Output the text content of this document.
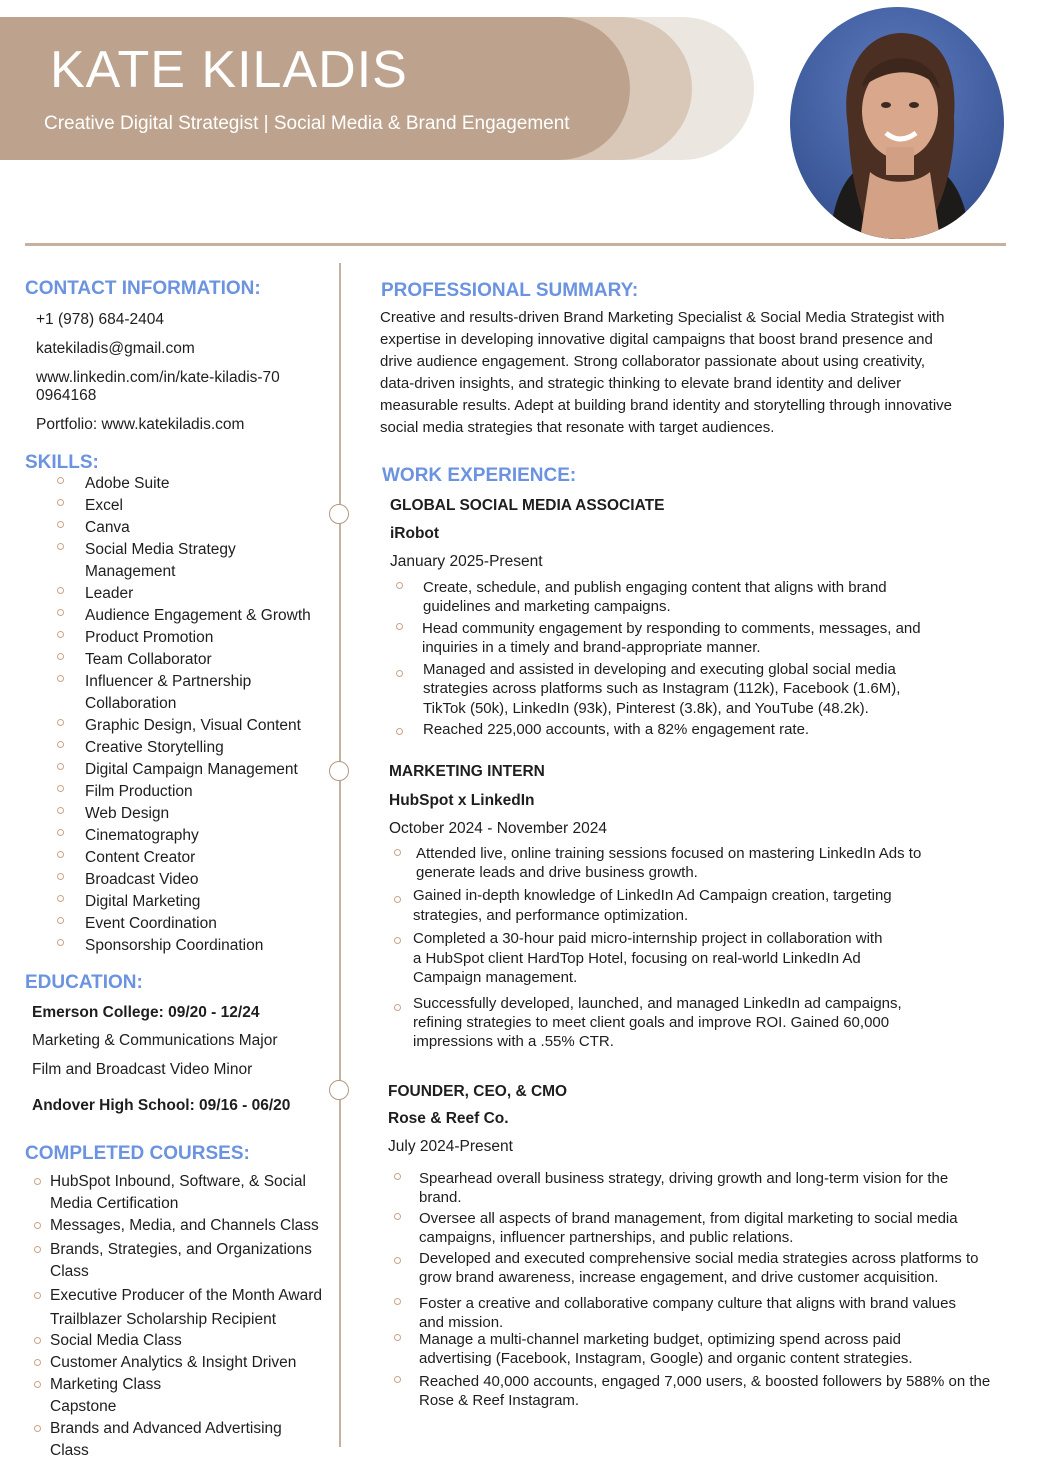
KATE KILADIS
Creative Digital Strategist | Social Media & Brand Engagement
CONTACT INFORMATION:
+1 (978) 684-2404
katekiladis@gmail.com
www.linkedin.com/in/kate-kiladis-70
0964168
Portfolio: www.katekiladis.com
SKILLS:
Adobe Suite
Excel
Canva
Social Media Strategy
Management
Leader
Audience Engagement & Growth
Product Promotion
Team Collaborator
Influencer & Partnership
Collaboration
Graphic Design, Visual Content
Creative Storytelling
Digital Campaign Management
Film Production
Web Design
Cinematography
Content Creator
Broadcast Video
Digital Marketing
Event Coordination
Sponsorship Coordination
EDUCATION:
Emerson College: 09/20 - 12/24
Marketing & Communications Major
Film and Broadcast Video Minor
Andover High School: 09/16 - 06/20
COMPLETED COURSES:
HubSpot Inbound, Software, & Social
Media Certification
Messages, Media, and Channels Class
Brands, Strategies, and Organizations
Class
Executive Producer of the Month Award
Trailblazer Scholarship Recipient
Social Media Class
Customer Analytics & Insight Driven
Marketing Class
Capstone
Brands and Advanced Advertising
Class
PROFESSIONAL SUMMARY:
Creative and results-driven Brand Marketing Specialist & Social Media Strategist with
expertise in developing innovative digital campaigns that boost brand presence and
drive audience engagement. Strong collaborator passionate about using creativity,
data-driven insights, and strategic thinking to elevate brand identity and deliver
measurable results. Adept at building brand identity and storytelling through innovative
social media strategies that resonate with target audiences.
WORK EXPERIENCE:
GLOBAL SOCIAL MEDIA ASSOCIATE
iRobot
January 2025-Present
Create, schedule, and publish engaging content that aligns with brand
guidelines and marketing campaigns.
Head community engagement by responding to comments, messages, and
inquiries in a timely and brand-appropriate manner.
Managed and assisted in developing and executing global social media
strategies across platforms such as Instagram (112k), Facebook (1.6M),
TikTok (50k), LinkedIn (93k), Pinterest (3.8k), and YouTube (48.2k).
Reached 225,000 accounts, with a 82% engagement rate.
MARKETING INTERN
HubSpot x LinkedIn
October 2024 - November 2024
Attended live, online training sessions focused on mastering LinkedIn Ads to
generate leads and drive business growth.
Gained in-depth knowledge of LinkedIn Ad Campaign creation, targeting
strategies, and performance optimization.
Completed a 30-hour paid micro-internship project in collaboration with
a HubSpot client HardTop Hotel, focusing on real-world LinkedIn Ad
Campaign management.
Successfully developed, launched, and managed LinkedIn ad campaigns,
refining strategies to meet client goals and improve ROI. Gained 60,000
impressions with a .55% CTR.
FOUNDER, CEO, & CMO
Rose & Reef Co.
July 2024-Present
Spearhead overall business strategy, driving growth and long-term vision for the
brand.
Oversee all aspects of brand management, from digital marketing to social media
campaigns, influencer partnerships, and public relations.
Developed and executed comprehensive social media strategies across platforms to
grow brand awareness, increase engagement, and drive customer acquisition.
Foster a creative and collaborative company culture that aligns with brand values
and mission.
Manage a multi-channel marketing budget, optimizing spend across paid
advertising (Facebook, Instagram, Google) and organic content strategies.
Reached 40,000 accounts, engaged 7,000 users, & boosted followers by 588% on the
Rose & Reef Instagram.
